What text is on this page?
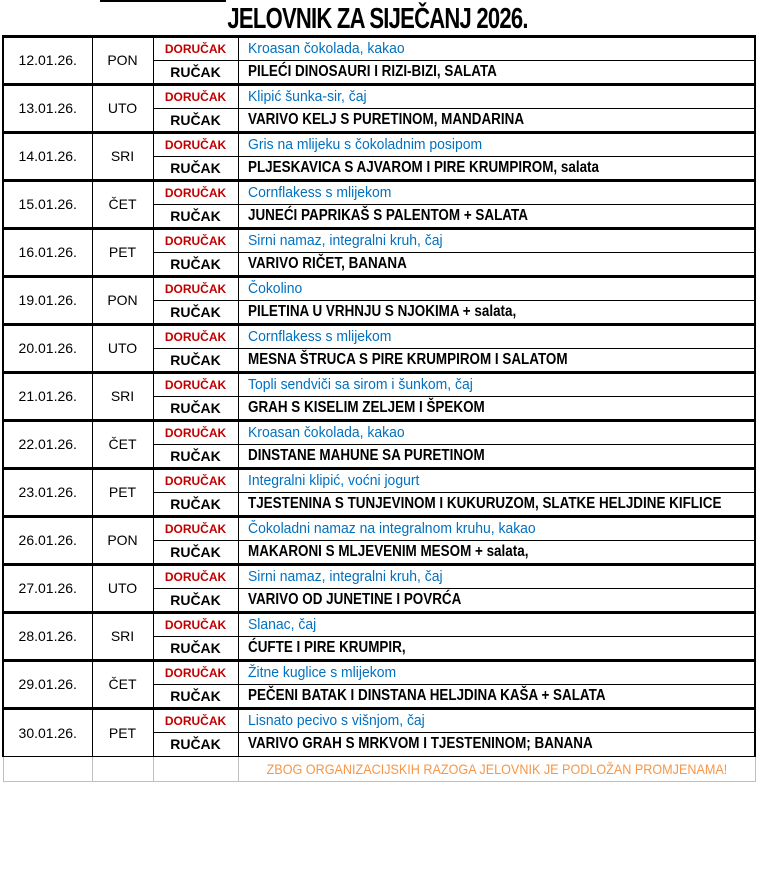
JELOVNIK ZA SIJEČANJ 2026.
12.01.26.	PON	DORUČAK	Kroasan čokolada, kakao
		RUČAK	PILEĆI DINOSAURI I RIZI-BIZI, SALATA
13.01.26.	UTO	DORUČAK	Klipić šunka-sir, čaj
		RUČAK	VARIVO KELJ S PURETINOM, MANDARINA
14.01.26.	SRI	DORUČAK	Gris na mlijeku s čokoladnim posipom
		RUČAK	PLJESKAVICA S AJVAROM I PIRE KRUMPIROM, salata
15.01.26.	ČET	DORUČAK	Cornflakess s mlijekom
		RUČAK	JUNEĆI PAPRIKAŠ S PALENTOM + SALATA
16.01.26.	PET	DORUČAK	Sirni namaz, integralni kruh, čaj
		RUČAK	VARIVO RIČET, BANANA
19.01.26.	PON	DORUČAK	Čokolino
		RUČAK	PILETINA U VRHNJU S NJOKIMA + salata,
20.01.26.	UTO	DORUČAK	Cornflakess s mlijekom
		RUČAK	MESNA ŠTRUCA S PIRE KRUMPIROM I SALATOM
21.01.26.	SRI	DORUČAK	Topli sendviči sa sirom i šunkom, čaj
		RUČAK	GRAH S KISELIM ZELJEM I ŠPEKOM
22.01.26.	ČET	DORUČAK	Kroasan čokolada, kakao
		RUČAK	DINSTANE MAHUNE SA PURETINOM
23.01.26.	PET	DORUČAK	Integralni klipić, voćni jogurt
		RUČAK	TJESTENINA S TUNJEVINOM I KUKURUZOM, SLATKE HELJDINE KIFLICE
26.01.26.	PON	DORUČAK	Čokoladni namaz na integralnom kruhu, kakao
		RUČAK	MAKARONI S MLJEVENIM MESOM + salata,
27.01.26.	UTO	DORUČAK	Sirni namaz, integralni kruh, čaj
		RUČAK	VARIVO OD JUNETINE I POVRĆA
28.01.26.	SRI	DORUČAK	Slanac, čaj
		RUČAK	ĆUFTE I PIRE KRUMPIR,
29.01.26.	ČET	DORUČAK	Žitne kuglice s mlijekom
		RUČAK	PEČENI BATAK I DINSTANA HELJDINA KAŠA + SALATA
30.01.26.	PET	DORUČAK	Lisnato pecivo s višnjom, čaj
		RUČAK	VARIVO GRAH S MRKVOM I TJESTENINOM; BANANA
			ZBOG ORGANIZACIJSKIH RAZOGA JELOVNIK JE PODLOŽAN PROMJENAMA!
